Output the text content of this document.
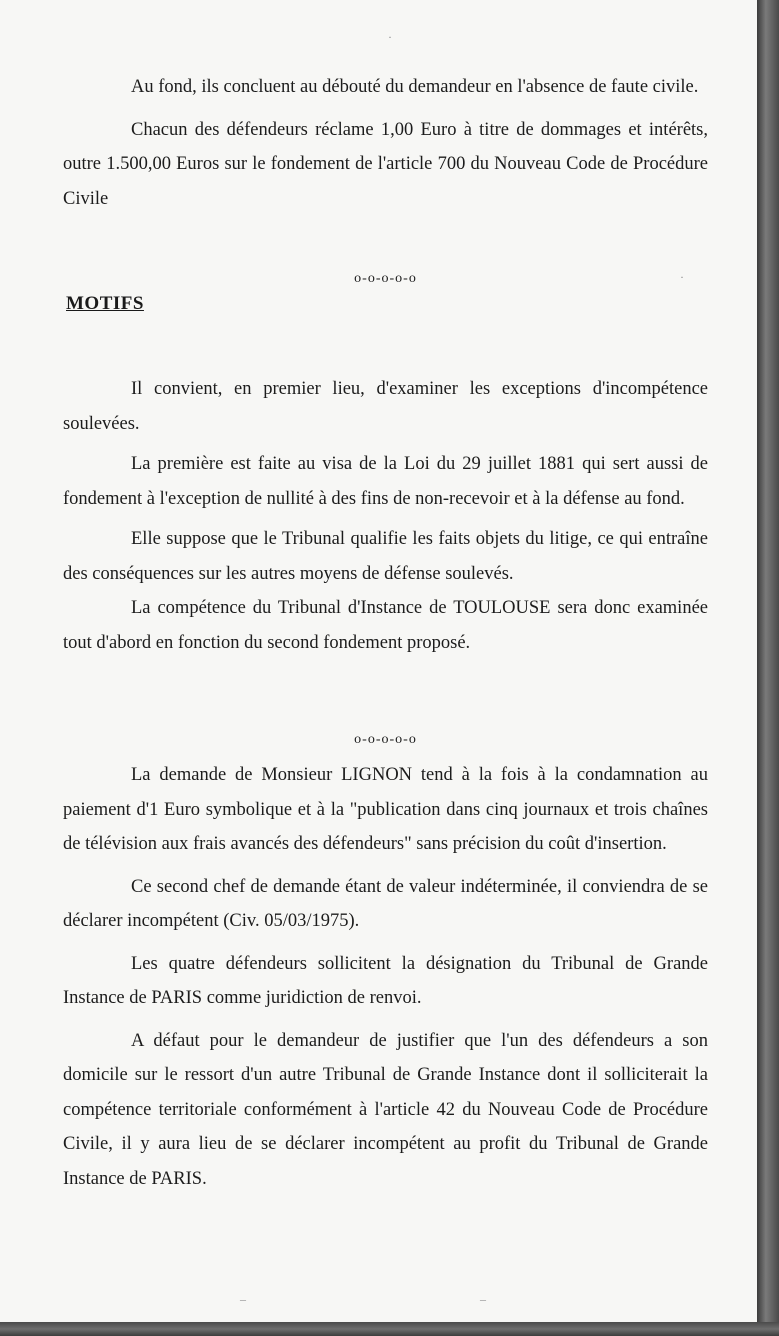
Au fond, ils concluent au débouté du demandeur en l'absence de faute civile.

Chacun des défendeurs réclame 1,00 Euro à titre de dommages et intérêts, outre 1.500,00 Euros sur le fondement de l'article 700 du Nouveau Code de Procédure Civile

o-o-o-o-o

MOTIFS

Il convient, en premier lieu, d'examiner les exceptions d'incompétence soulevées.

La première est faite au visa de la Loi du 29 juillet 1881 qui sert aussi de fondement à l'exception de nullité à des fins de non-recevoir et à la défense au fond.

Elle suppose que le Tribunal qualifie les faits objets du litige, ce qui entraîne des conséquences sur les autres moyens de défense soulevés.

La compétence du Tribunal d'Instance de TOULOUSE sera donc examinée tout d'abord en fonction du second fondement proposé.

o-o-o-o-o

La demande de Monsieur LIGNON tend à la fois à la condamnation au paiement d'1 Euro symbolique et à la "publication dans cinq journaux et trois chaînes de télévision aux frais avancés des défendeurs" sans précision du coût d'insertion.

Ce second chef de demande étant de valeur indéterminée, il conviendra de se déclarer incompétent (Civ. 05/03/1975).

Les quatre défendeurs sollicitent la désignation du Tribunal de Grande Instance de PARIS comme juridiction de renvoi.

A défaut pour le demandeur de justifier que l'un des défendeurs a son domicile sur le ressort d'un autre Tribunal de Grande Instance dont il solliciterait la compétence territoriale conformément à l'article 42 du Nouveau Code de Procédure Civile, il y aura lieu de se déclarer incompétent au profit du Tribunal de Grande Instance de PARIS.

·
·
–	–
